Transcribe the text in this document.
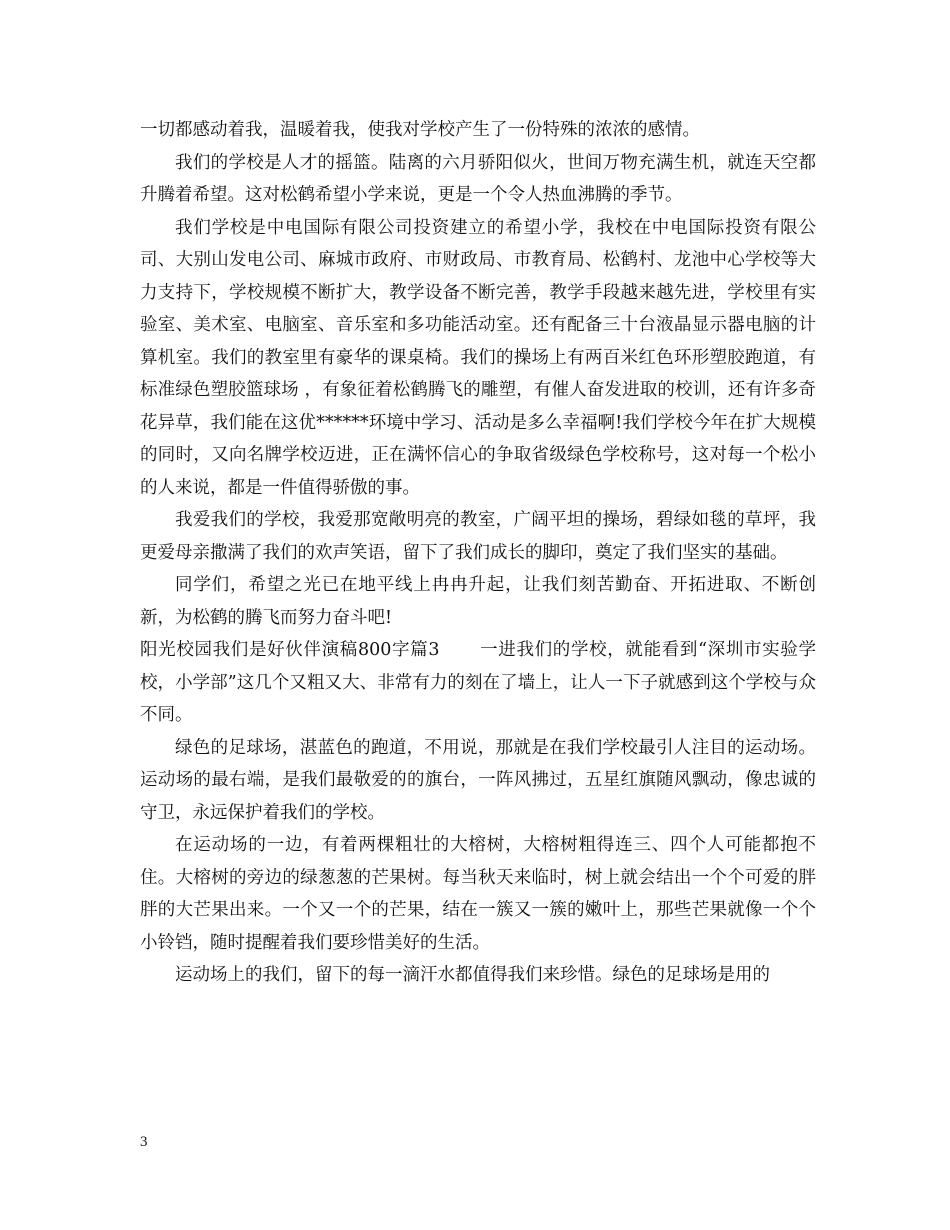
一切都感动着我，温暖着我，使我对学校产生了一份特殊的浓浓的感情。

我们的学校是人才的摇篮。陆离的六月骄阳似火，世间万物充满生机，就连天空都升腾着希望。这对松鹤希望小学来说，更是一个令人热血沸腾的季节。

我们学校是中电国际有限公司投资建立的希望小学，我校在中电国际投资有限公司、大别山发电公司、麻城市政府、市财政局、市教育局、松鹤村、龙池中心学校等大力支持下，学校规模不断扩大，教学设备不断完善，教学手段越来越先进，学校里有实验室、美术室、电脑室、音乐室和多功能活动室。还有配备三十台液晶显示器电脑的计算机室。我们的教室里有豪华的课桌椅。我们的操场上有两百米红色环形塑胶跑道，有标准绿色塑胶篮球场 ，有象征着松鹤腾飞的雕塑，有催人奋发进取的校训，还有许多奇花异草，我们能在这优******环境中学习、活动是多么幸福啊!我们学校今年在扩大规模的同时，又向名牌学校迈进，正在满怀信心的争取省级绿色学校称号，这对每一个松小的人来说，都是一件值得骄傲的事。

我爱我们的学校，我爱那宽敞明亮的教室，广阔平坦的操场，碧绿如毯的草坪，我更爱母亲撒满了我们的欢声笑语，留下了我们成长的脚印，奠定了我们坚实的基础。

同学们，希望之光已在地平线上冉冉升起，让我们刻苦勤奋、开拓进取、不断创新，为松鹤的腾飞而努力奋斗吧!

阳光校园我们是好伙伴演稿800字篇3 一进我们的学校，就能看到“深圳市实验学校，小学部”这几个又粗又大、非常有力的刻在了墙上，让人一下子就感到这个学校与众不同。

绿色的足球场，湛蓝色的跑道，不用说，那就是在我们学校最引人注目的运动场。运动场的最右端，是我们最敬爱的的旗台，一阵风拂过，五星红旗随风飘动，像忠诚的守卫，永远保护着我们的学校。

在运动场的一边，有着两棵粗壮的大榕树，大榕树粗得连三、四个人可能都抱不住。大榕树的旁边的绿葱葱的芒果树。每当秋天来临时，树上就会结出一个个可爱的胖胖的大芒果出来。一个又一个的芒果，结在一簇又一簇的嫩叶上，那些芒果就像一个个小铃铛，随时提醒着我们要珍惜美好的生活。

运动场上的我们，留下的每一滴汗水都值得我们来珍惜。绿色的足球场是用的

3
